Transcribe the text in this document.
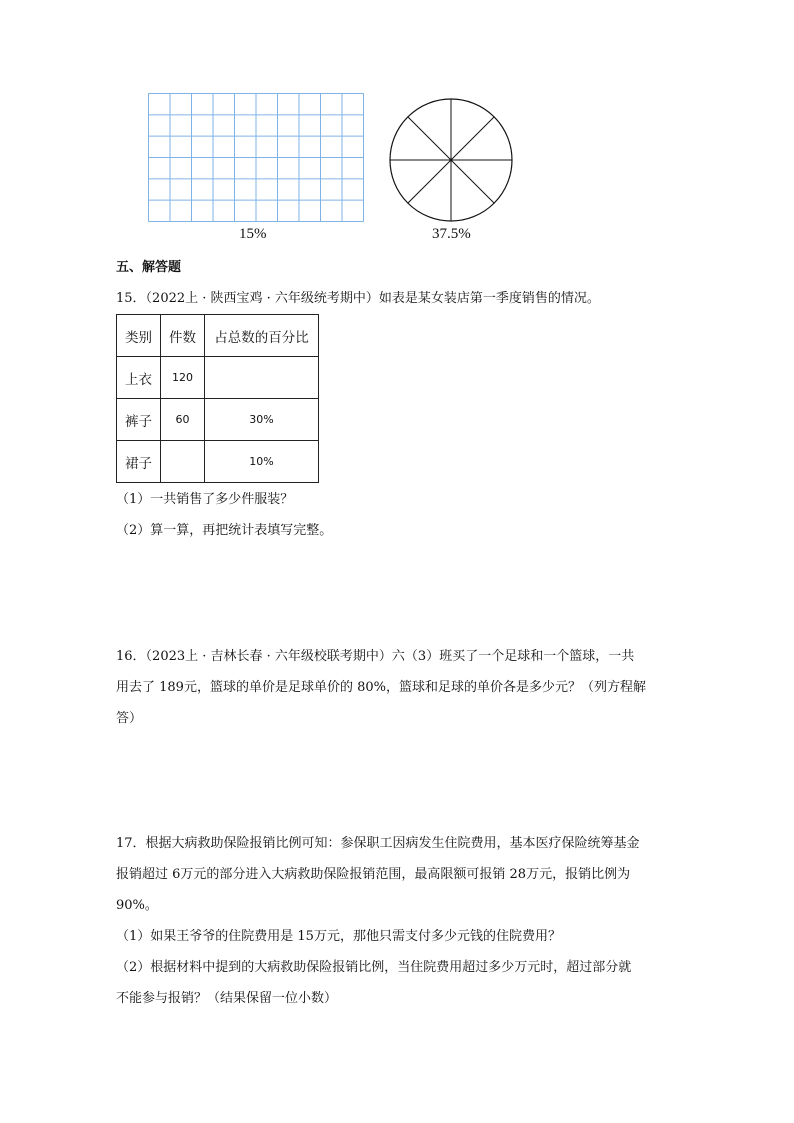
15%	37.5%
五、解答题
15．（2022上 · 陕西宝鸡 · 六年级统考期中）如表是某女装店第一季度销售的情况。
类别	件数	占总数的百分比
上衣	120	
裤子	60	30%
裙子		10%
（1）一共销售了多少件服装？
（2）算一算，再把统计表填写完整。
16．（2023上 · 吉林长春 · 六年级校联考期中）六（3）班买了一个足球和一个篮球，一共
用去了 189元，篮球的单价是足球单价的 80%，篮球和足球的单价各是多少元？（列方程解
答）
17．根据大病救助保险报销比例可知：参保职工因病发生住院费用，基本医疗保险统筹基金
报销超过 6万元的部分进入大病救助保险报销范围，最高限额可报销 28万元，报销比例为
90%。
（1）如果王爷爷的住院费用是 15万元，那他只需支付多少元钱的住院费用？
（2）根据材料中提到的大病救助保险报销比例，当住院费用超过多少万元时，超过部分就
不能参与报销？（结果保留一位小数）
